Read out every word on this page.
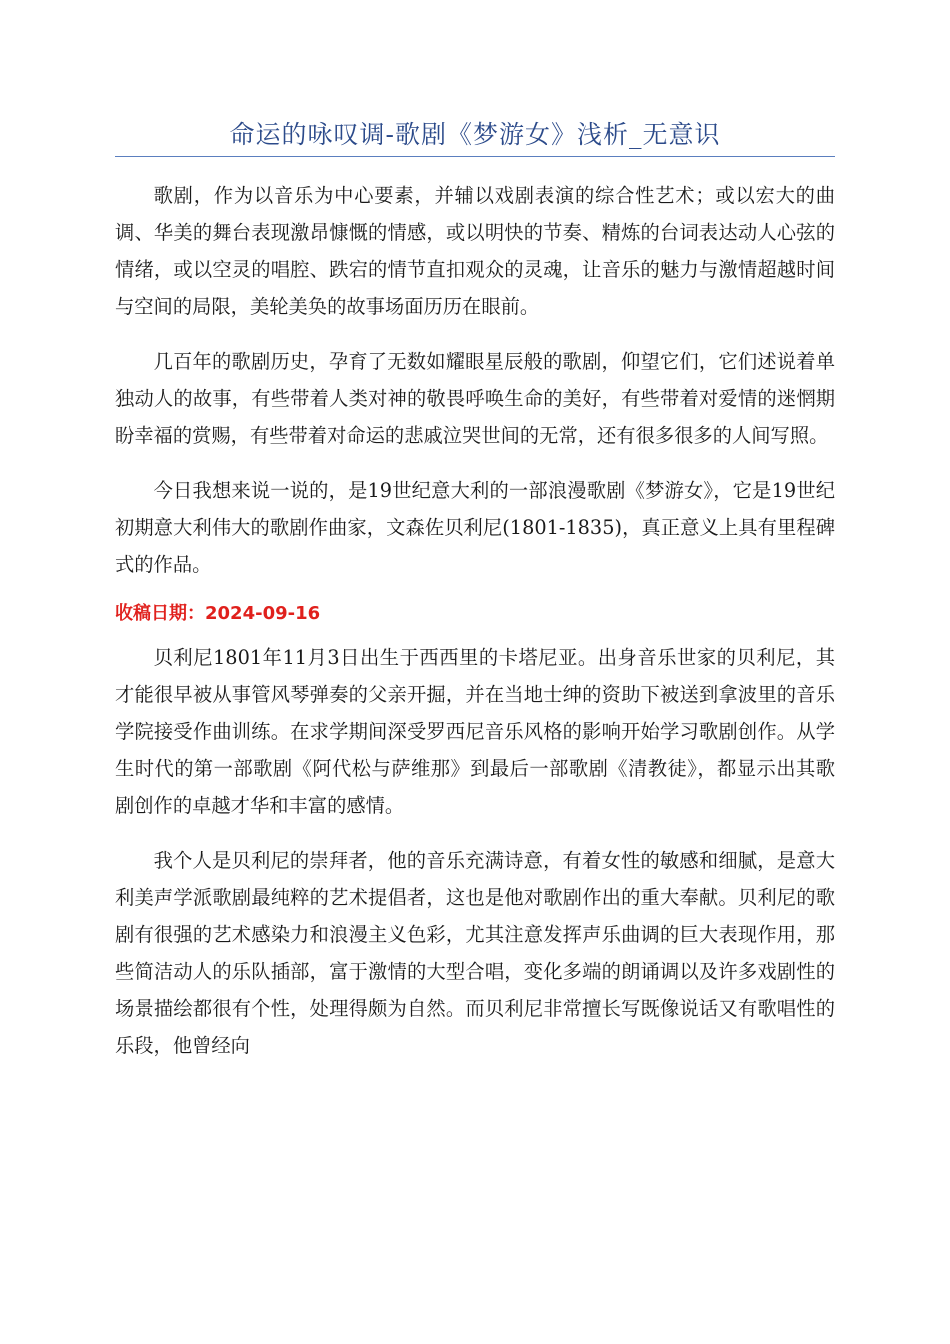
命运的咏叹调-歌剧《梦游女》浅析_无意识

歌剧，作为以音乐为中心要素，并辅以戏剧表演的综合性艺术；或以宏大的曲调、华美的舞台表现激昂慷慨的情感，或以明快的节奏、精炼的台词表达动人心弦的情绪，或以空灵的唱腔、跌宕的情节直扣观众的灵魂，让音乐的魅力与激情超越时间与空间的局限，美轮美奂的故事场面历历在眼前。

几百年的歌剧历史，孕育了无数如耀眼星辰般的歌剧，仰望它们，它们述说着单独动人的故事，有些带着人类对神的敬畏呼唤生命的美好，有些带着对爱情的迷惘期盼幸福的赏赐，有些带着对命运的悲戚泣哭世间的无常，还有很多很多的人间写照。

今日我想来说一说的，是19世纪意大利的一部浪漫歌剧《梦游女》，它是19世纪初期意大利伟大的歌剧作曲家，文森佐贝利尼(1801-1835)，真正意义上具有里程碑式的作品。

收稿日期：2024-09-16

贝利尼1801年11月3日出生于西西里的卡塔尼亚。出身音乐世家的贝利尼，其才能很早被从事管风琴弹奏的父亲开掘，并在当地士绅的资助下被送到拿波里的音乐学院接受作曲训练。在求学期间深受罗西尼音乐风格的影响开始学习歌剧创作。从学生时代的第一部歌剧《阿代松与萨维那》到最后一部歌剧《清教徒》，都显示出其歌剧创作的卓越才华和丰富的感情。

我个人是贝利尼的崇拜者，他的音乐充满诗意，有着女性的敏感和细腻，是意大利美声学派歌剧最纯粹的艺术提倡者，这也是他对歌剧作出的重大奉献。贝利尼的歌剧有很强的艺术感染力和浪漫主义色彩，尤其注意发挥声乐曲调的巨大表现作用，那些简洁动人的乐队插部，富于激情的大型合唱，变化多端的朗诵调以及许多戏剧性的场景描绘都很有个性，处理得颇为自然。而贝利尼非常擅长写既像说话又有歌唱性的乐段，他曾经向
